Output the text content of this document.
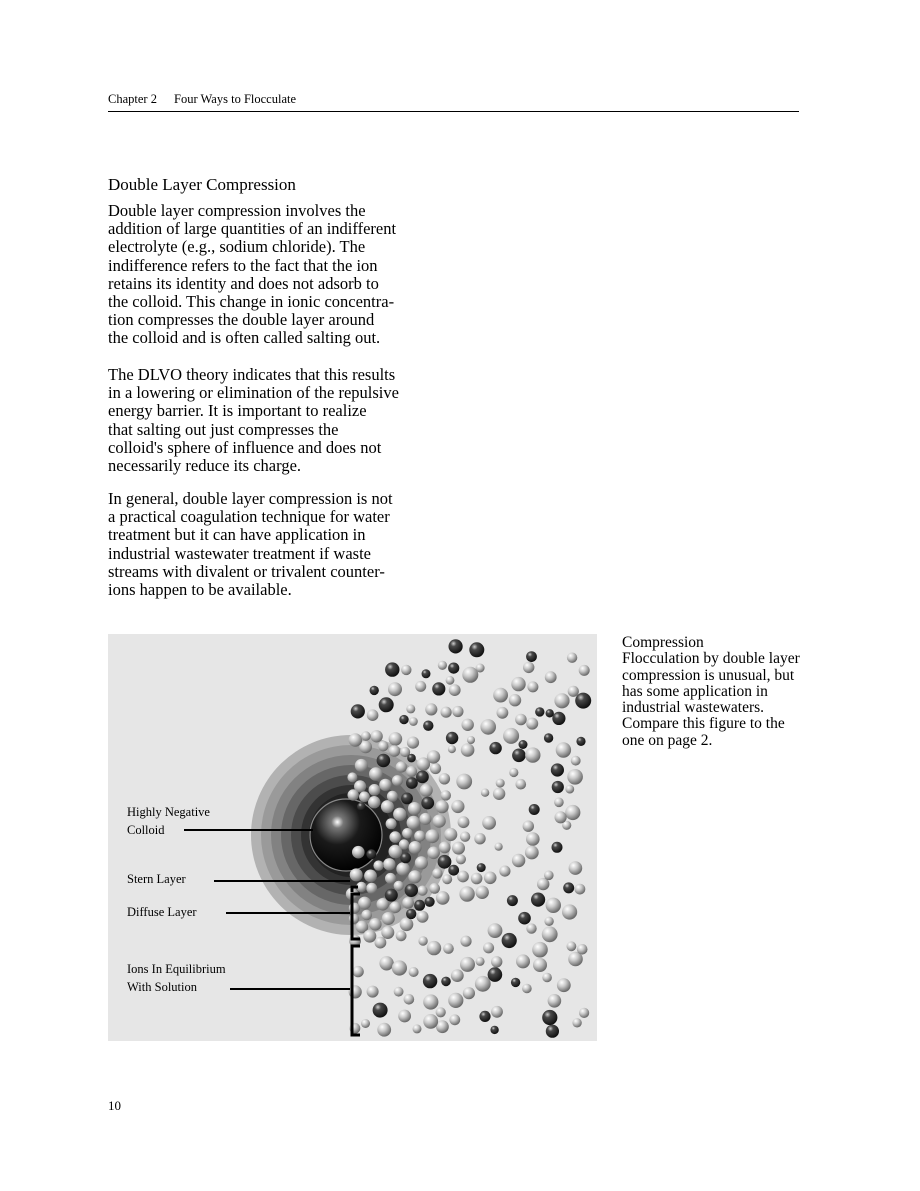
Chapter 2 Four Ways to Flocculate
Double Layer Compression

Double layer compression involves the
addition of large quantities of an indifferent
electrolyte (e.g., sodium chloride). The
indifference refers to the fact that the ion
retains its identity and does not adsorb to
the colloid. This change in ionic concentra-
tion compresses the double layer around
the colloid and is often called salting out.

The DLVO theory indicates that this results
in a lowering or elimination of the repulsive
energy barrier. It is important to realize
that salting out just compresses the
colloid's sphere of influence and does not
necessarily reduce its charge.

In general, double layer compression is not
a practical coagulation technique for water
treatment but it can have application in
industrial wastewater treatment if waste
streams with divalent or trivalent counter-
ions happen to be available.

Highly Negative
Colloid
Stern Layer
Diffuse Layer
Ions In Equilibrium
With Solution
Compression
Flocculation by double layer
compression is unusual, but
has some application in
industrial wastewaters.
Compare this figure to the
one on page 2.
10
